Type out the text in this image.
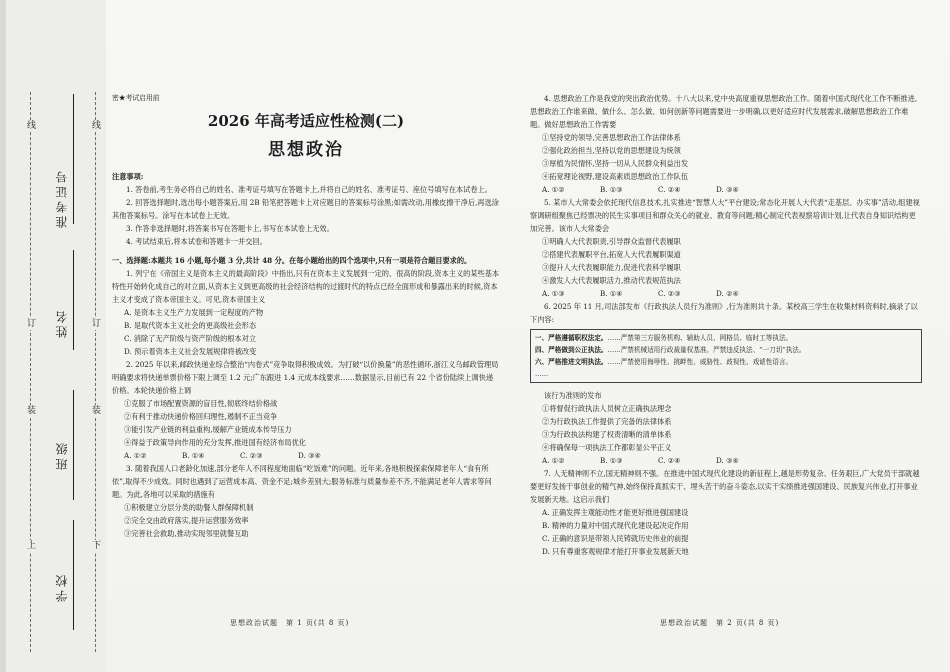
线
订
装
上	下
线
订
装
准考证号
姓名
班级
学校

密★考试启用前

2026 年高考适应性检测(二)

思想政治

注意事项:

1. 答卷前,考生务必将自己的姓名、准考证号填写在答题卡上,并将自己的姓名、准考证号、座位号填写在本试卷上。

2. 回答选择题时,选出每小题答案后,用 2B 铅笔把答题卡上对应题目的答案标号涂黑;如需改动,用橡皮擦干净后,再选涂其他答案标号。涂写在本试卷上无效。

3. 作答非选择题时,将答案书写在答题卡上,书写在本试卷上无效。

4. 考试结束后,将本试卷和答题卡一并交回。

一、选择题:本题共 16 小题,每小题 3 分,共计 48 分。在每小题给出的四个选项中,只有一项是符合题目要求的。

1. 列宁在《帝国主义是资本主义的最高阶段》中指出,只有在资本主义发展到一定的、很高的阶段,资本主义的某些基本特性开始转化成自己的对立面,从资本主义到更高级的社会经济结构的过渡时代的特点已经全面形成和暴露出来的时候,资本主义才变成了资本帝国主义。可见,资本帝国主义

A. 是资本主义生产力发展到一定程度的产物

B. 是取代资本主义社会的更高级社会形态

C. 消除了无产阶级与资产阶级的根本对立

D. 预示着资本主义社会发展规律将被改变

2. 2025 年以来,邮政快递业综合整治“内卷式”竞争取得积极成效。为打破“以价换量”的恶性循环,浙江义乌邮政管理局明确要求将快递单票价格下限上调至 1.2 元;广东跟进 1.4 元成本线要求……数据显示,目前已有 22 个省份陆续上调快递价格。本轮快递价格上调

①克服了市场配置资源的盲目性,彻底终结价格战

②有利于推动快递价格回归理性,遏制不正当竞争

③能引发产业链的利益重构,缓解产业链成本传导压力

④得益于政策导向作用的充分发挥,推进国有经济布局优化

A. ①②	B. ①④	C. ②③	D. ③④

3. 随着我国人口老龄化加速,部分老年人不同程度地面临“吃饭难”的问题。近年来,各地积极探索保障老年人“食有所依”,取得不少成效。同时也遇到了运营成本高、资金不足;城乡差别大;服务标准与质量参差不齐,不能满足老年人需求等问题。为此,各地可以采取的措施有

①积极建立分层分类的助餐人群保障机制

②完全交由政府落实,提升运营服务效率

③完善社会救助,推动实现邻里就餐互助

思想政治试题　第 1 页(共 8 页)

4. 思想政治工作是我党的突出政治优势。十八大以来,党中央高度重视思想政治工作。随着中国式现代化工作不断推进,思想政治工作谁来做、做什么、怎么做、如何创新等问题需要进一步明确,以更好适应时代发展需求,破解思想政治工作难题。做好思想政治工作需要

①坚持党的领导,完善思想政治工作法律体系

②强化政治担当,坚持以党的思想建设为统领

③厚植为民情怀,坚持一切从人民群众利益出发

④拓宽理论视野,建设高素质思想政治工作队伍

A. ①②	B. ①③	C. ②④	D. ③④

5. 某市人大常委会依托现代信息技术,扎实推进“智慧人大”平台建设;常态化开展人大代表“走基层、办实事”活动,组建视察调研组聚焦已经票决的民生实事项目和群众关心的就业、教育等问题;精心制定代表视察培训计划,让代表自身知识结构更加完善。该市人大常委会

①明确人大代表职责,引导群众监督代表履职

②搭建代表履职平台,拓宽人大代表履职渠道

③提升人大代表履职能力,促进代表科学履职

④激发人大代表履职活力,推动代表规范执法

A. ①③	B. ①④	C. ②③	D. ②④

6. 2025 年 11 月,司法部发布《行政执法人员行为准则》,行为准则共十条。某校高三学生在收集材料资料时,摘录了以下内容:

一、严格遵循职权法定。……严禁第三方服务机构、辅助人员、网格员、临时工等执法。

四、严格做到公正执法。……严禁机械适用行政裁量权基准。严禁违反执法、“一刀切”执法。

六、严格推进文明执法。……严禁使用侮辱性、挑衅性、威胁性、歧视性、戏谑性语言。

……

该行为准则的发布

①将督促行政执法人员树立正确执法理念

②为行政执法工作提供了完备的法律体系

③为行政执法构建了权责清晰的清单体系

④将确保每一项执法工作都彰显公平正义

A. ①②	B. ①③	C. ②④	D. ③④

7. 人无精神则不立,国无精神则不强。在推进中国式现代化建设的新征程上,越是形势复杂、任务艰巨,广大党员干部就越要更好发扬干事创业的精气神,始终保持真抓实干、埋头苦干的奋斗姿态,以实干实绩推进强国建设、民族复兴伟业,打开事业发展新天地。这启示我们

A. 正确发挥主观能动性才能更好推进强国建设

B. 精神的力量对中国式现代化建设起决定作用

C. 正确的意识是带领人民铸就历史伟业的前提

D. 只有尊重客观规律才能打开事业发展新天地

思想政治试题　第 2 页(共 8 页)
